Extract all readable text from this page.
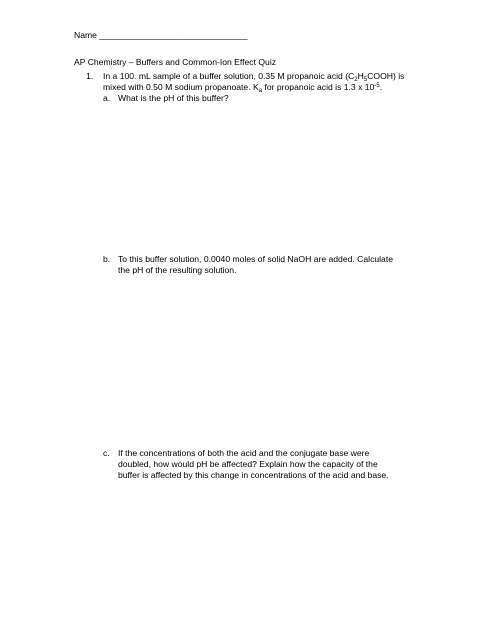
Name _______________________________
AP Chemistry – Buffers and Common-Ion Effect Quiz
1. In a 100. mL sample of a buffer solution, 0.35 M propanoic acid $(C_2H_5COOH)$ is
mixed with 0.50 M sodium propanoate. $K_a$ for propanoic acid is 1.3 x $10^{-5}$.
a. What is the pH of this buffer?
b. To this buffer solution, 0.0040 moles of solid NaOH are added. Calculate
the pH of the resulting solution.
c. If the concentrations of both the acid and the conjugate base were
doubled, how would pH be affected? Explain how the capacity of the
buffer is affected by this change in concentrations of the acid and base.
